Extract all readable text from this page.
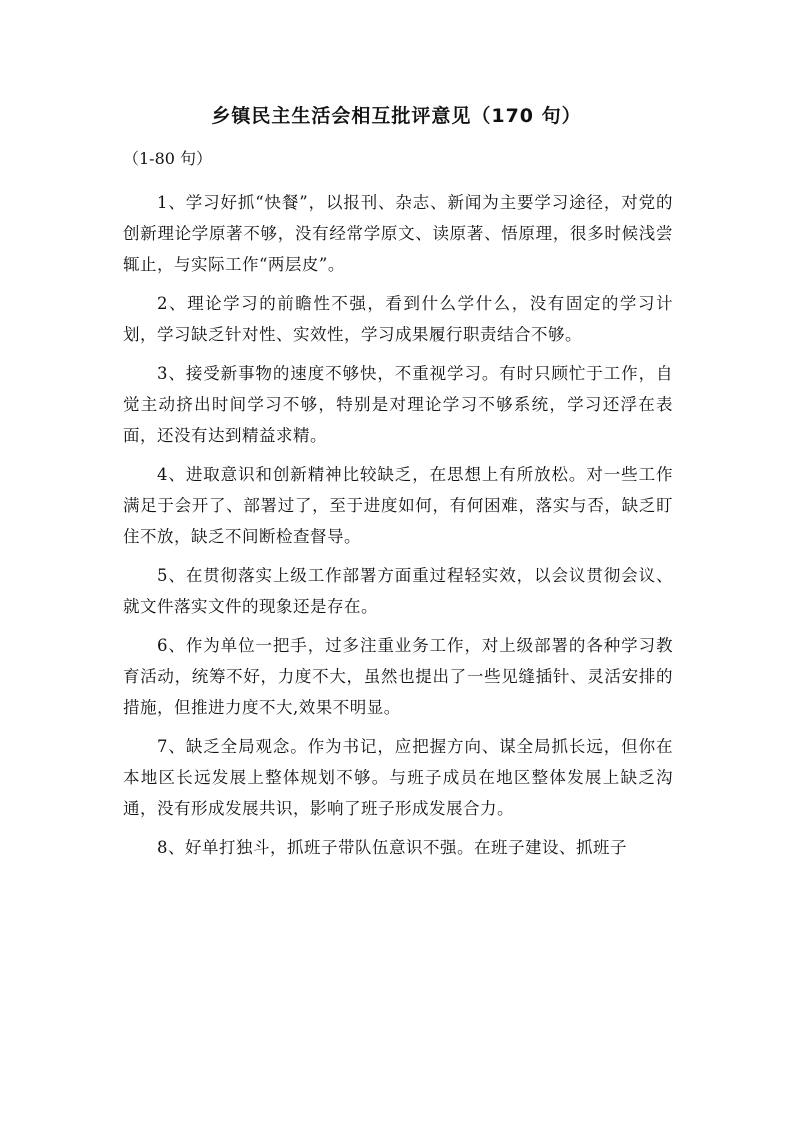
乡镇民主生活会相互批评意见（170 句）

（1-80 句）

1、学习好抓“快餐”，以报刊、杂志、新闻为主要学习途径，对党的创新理论学原著不够，没有经常学原文、读原著、悟原理，很多时候浅尝辄止，与实际工作“两层皮”。

2、理论学习的前瞻性不强，看到什么学什么，没有固定的学习计划，学习缺乏针对性、实效性，学习成果履行职责结合不够。

3、接受新事物的速度不够快，不重视学习。有时只顾忙于工作，自觉主动挤出时间学习不够，特别是对理论学习不够系统，学习还浮在表面，还没有达到精益求精。

4、进取意识和创新精神比较缺乏，在思想上有所放松。对一些工作满足于会开了、部署过了，至于进度如何，有何困难，落实与否，缺乏盯住不放，缺乏不间断检查督导。

5、在贯彻落实上级工作部署方面重过程轻实效，以会议贯彻会议、就文件落实文件的现象还是存在。

6、作为单位一把手，过多注重业务工作，对上级部署的各种学习教育活动，统筹不好，力度不大，虽然也提出了一些见缝插针、灵活安排的措施，但推进力度不大,效果不明显。

7、缺乏全局观念。作为书记，应把握方向、谋全局抓长远，但你在本地区长远发展上整体规划不够。与班子成员在地区整体发展上缺乏沟通，没有形成发展共识，影响了班子形成发展合力。

8、好单打独斗，抓班子带队伍意识不强。在班子建设、抓班子
